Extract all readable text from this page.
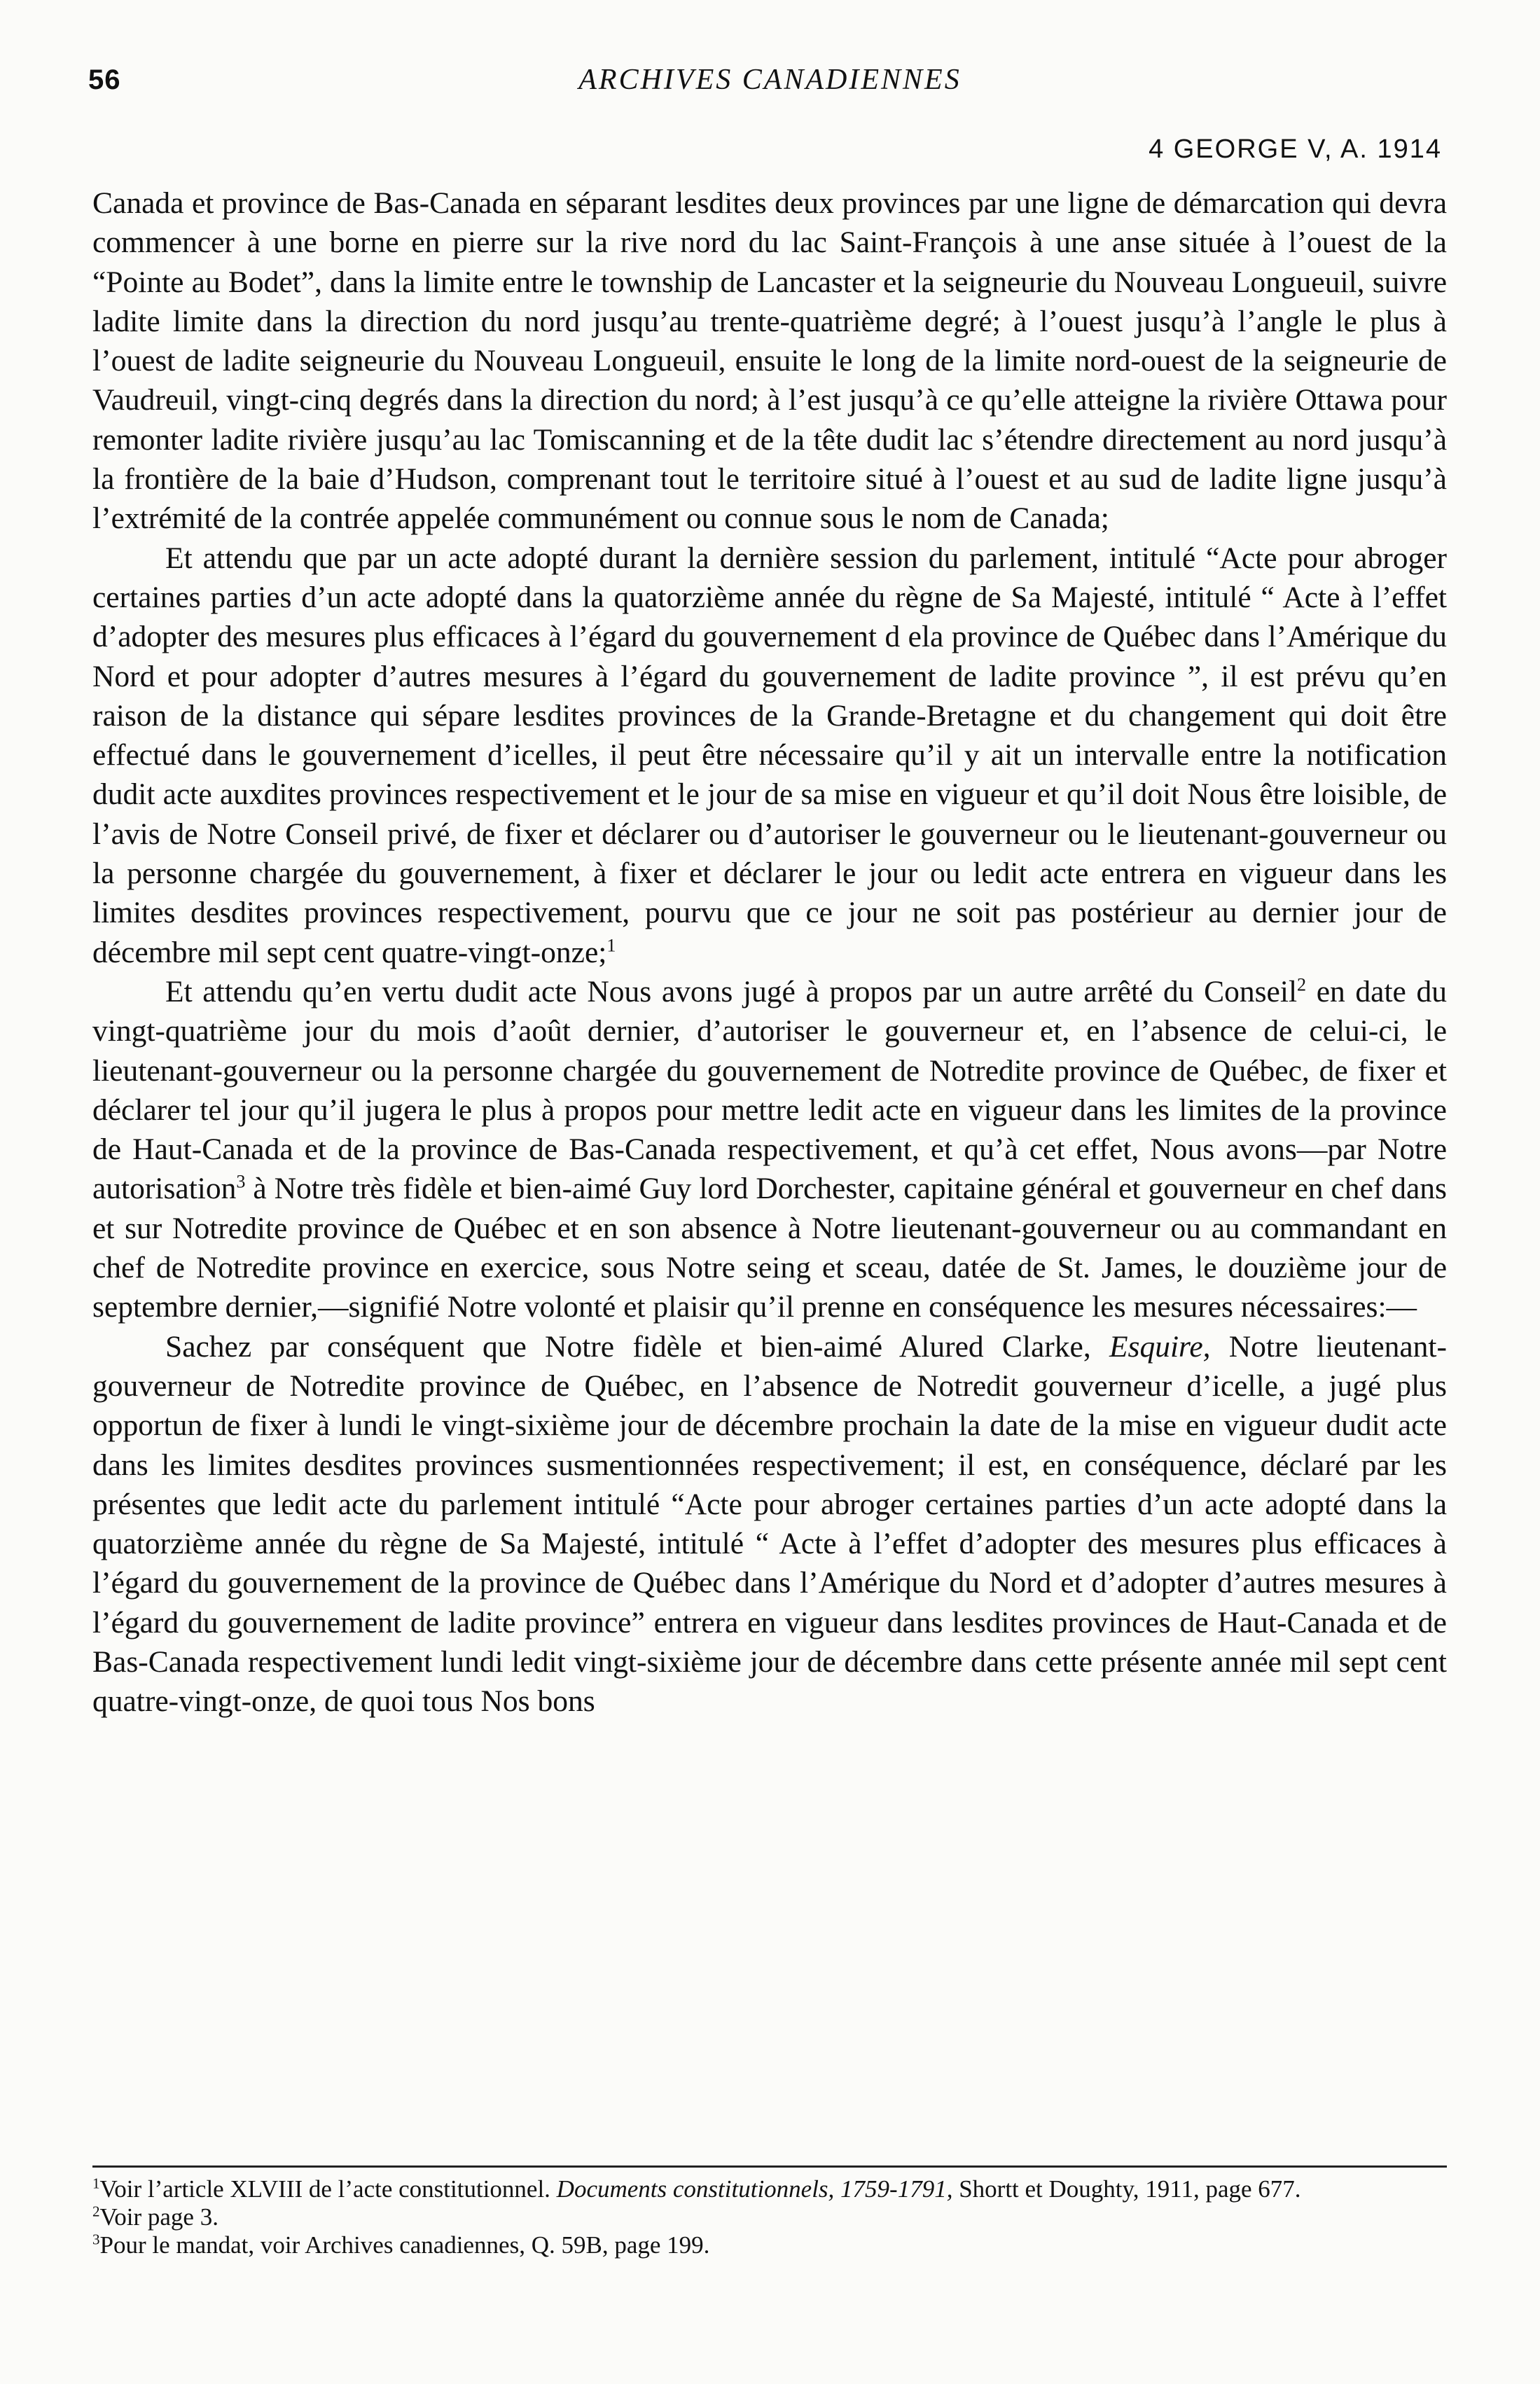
56	ARCHIVES CANADIENNES
4 GEORGE V, A. 1914

Canada et province de Bas-Canada en séparant lesdites deux provinces par une ligne de démarcation qui devra commencer à une borne en pierre sur la rive nord du lac Saint-François à une anse située à l’ouest de la “Pointe au Bodet”, dans la limite entre le township de Lancaster et la seigneurie du Nouveau Longueuil, suivre ladite limite dans la direction du nord jusqu’au trente-quatrième degré; à l’ouest jusqu’à l’angle le plus à l’ouest de ladite seigneurie du Nouveau Longueuil, ensuite le long de la limite nord-ouest de la seigneurie de Vaudreuil, vingt-cinq degrés dans la direction du nord; à l’est jusqu’à ce qu’elle atteigne la rivière Ottawa pour remonter ladite rivière jusqu’au lac Tomiscanning et de la tête dudit lac s’étendre directement au nord jusqu’à la frontière de la baie d’Hudson, comprenant tout le territoire situé à l’ouest et au sud de ladite ligne jusqu’à l’extrémité de la contrée appelée communément ou connue sous le nom de Canada;

Et attendu que par un acte adopté durant la dernière session du parlement, intitulé “Acte pour abroger certaines parties d’un acte adopté dans la quatorzième année du règne de Sa Majesté, intitulé “ Acte à l’effet d’adopter des mesures plus efficaces à l’égard du gouvernement d ela province de Québec dans l’Amérique du Nord et pour adopter d’autres mesures à l’égard du gouvernement de ladite province ”, il est prévu qu’en raison de la distance qui sépare lesdites provinces de la Grande-Bretagne et du changement qui doit être effectué dans le gouvernement d’icelles, il peut être nécessaire qu’il y ait un intervalle entre la notification dudit acte auxdites provinces respectivement et le jour de sa mise en vigueur et qu’il doit Nous être loisible, de l’avis de Notre Conseil privé, de fixer et déclarer ou d’autoriser le gouverneur ou le lieutenant-gouverneur ou la personne chargée du gouvernement, à fixer et déclarer le jour ou ledit acte entrera en vigueur dans les limites desdites provinces respectivement, pourvu que ce jour ne soit pas postérieur au dernier jour de décembre mil sept cent quatre-vingt-onze;$^1$

Et attendu qu’en vertu dudit acte Nous avons jugé à propos par un autre arrêté du Conseil$^2$ en date du vingt-quatrième jour du mois d’août dernier, d’autoriser le gouverneur et, en l’absence de celui-ci, le lieutenant-gouverneur ou la personne chargée du gouvernement de Notredite province de Québec, de fixer et déclarer tel jour qu’il jugera le plus à propos pour mettre ledit acte en vigueur dans les limites de la province de Haut-Canada et de la province de Bas-Canada respectivement, et qu’à cet effet, Nous avons—par Notre autorisation$^3$ à Notre très fidèle et bien-aimé Guy lord Dorchester, capitaine général et gouverneur en chef dans et sur Notredite province de Québec et en son absence à Notre lieutenant-gouverneur ou au commandant en chef de Notredite province en exercice, sous Notre seing et sceau, datée de St. James, le douzième jour de septembre dernier,—signifié Notre volonté et plaisir qu’il prenne en conséquence les mesures nécessaires:—

Sachez par conséquent que Notre fidèle et bien-aimé Alured Clarke, Esquire, Notre lieutenant-gouverneur de Notredite province de Québec, en l’absence de Notredit gouverneur d’icelle, a jugé plus opportun de fixer à lundi le vingt-sixième jour de décembre prochain la date de la mise en vigueur dudit acte dans les limites desdites provinces susmentionnées respectivement; il est, en conséquence, déclaré par les présentes que ledit acte du parlement intitulé “Acte pour abroger certaines parties d’un acte adopté dans la quatorzième année du règne de Sa Majesté, intitulé “ Acte à l’effet d’adopter des mesures plus efficaces à l’égard du gouvernement de la province de Québec dans l’Amérique du Nord et d’adopter d’autres mesures à l’égard du gouvernement de ladite province” entrera en vigueur dans lesdites provinces de Haut-Canada et de Bas-Canada respectivement lundi ledit vingt-sixième jour de décembre dans cette présente année mil sept cent quatre-vingt-onze, de quoi tous Nos bons

$^1$Voir l’article XLVIII de l’acte constitutionnel. Documents constitutionnels, 1759-1791, Shortt et Doughty, 1911, page 677.

$^2$Voir page 3.

$^3$Pour le mandat, voir Archives canadiennes, Q. 59B, page 199.
